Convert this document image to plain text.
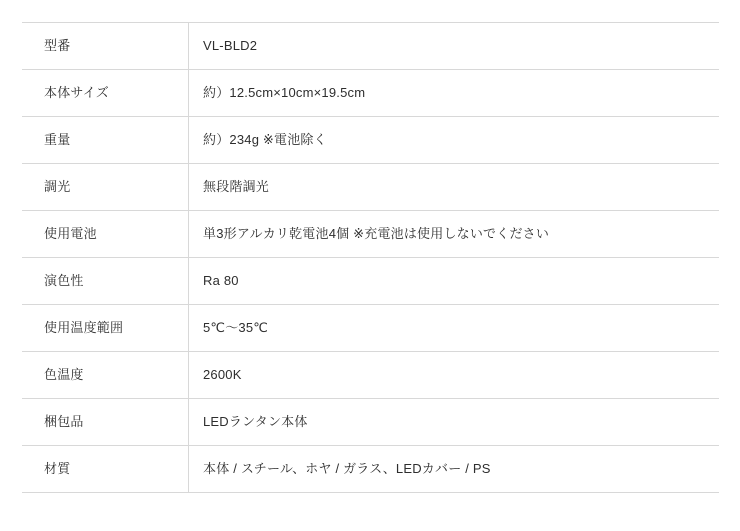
型番	VL-BLD2
本体サイズ	約）12.5cm×10cm×19.5cm
重量	約）234g ※電池除く
調光	無段階調光
使用電池	単3形アルカリ乾電池4個 ※充電池は使用しないでください
演色性	Ra 80
使用温度範囲	5℃〜35℃
色温度	2600K
梱包品	LEDランタン本体
材質	本体 / スチール、ホヤ / ガラス、LEDカバー / PS
